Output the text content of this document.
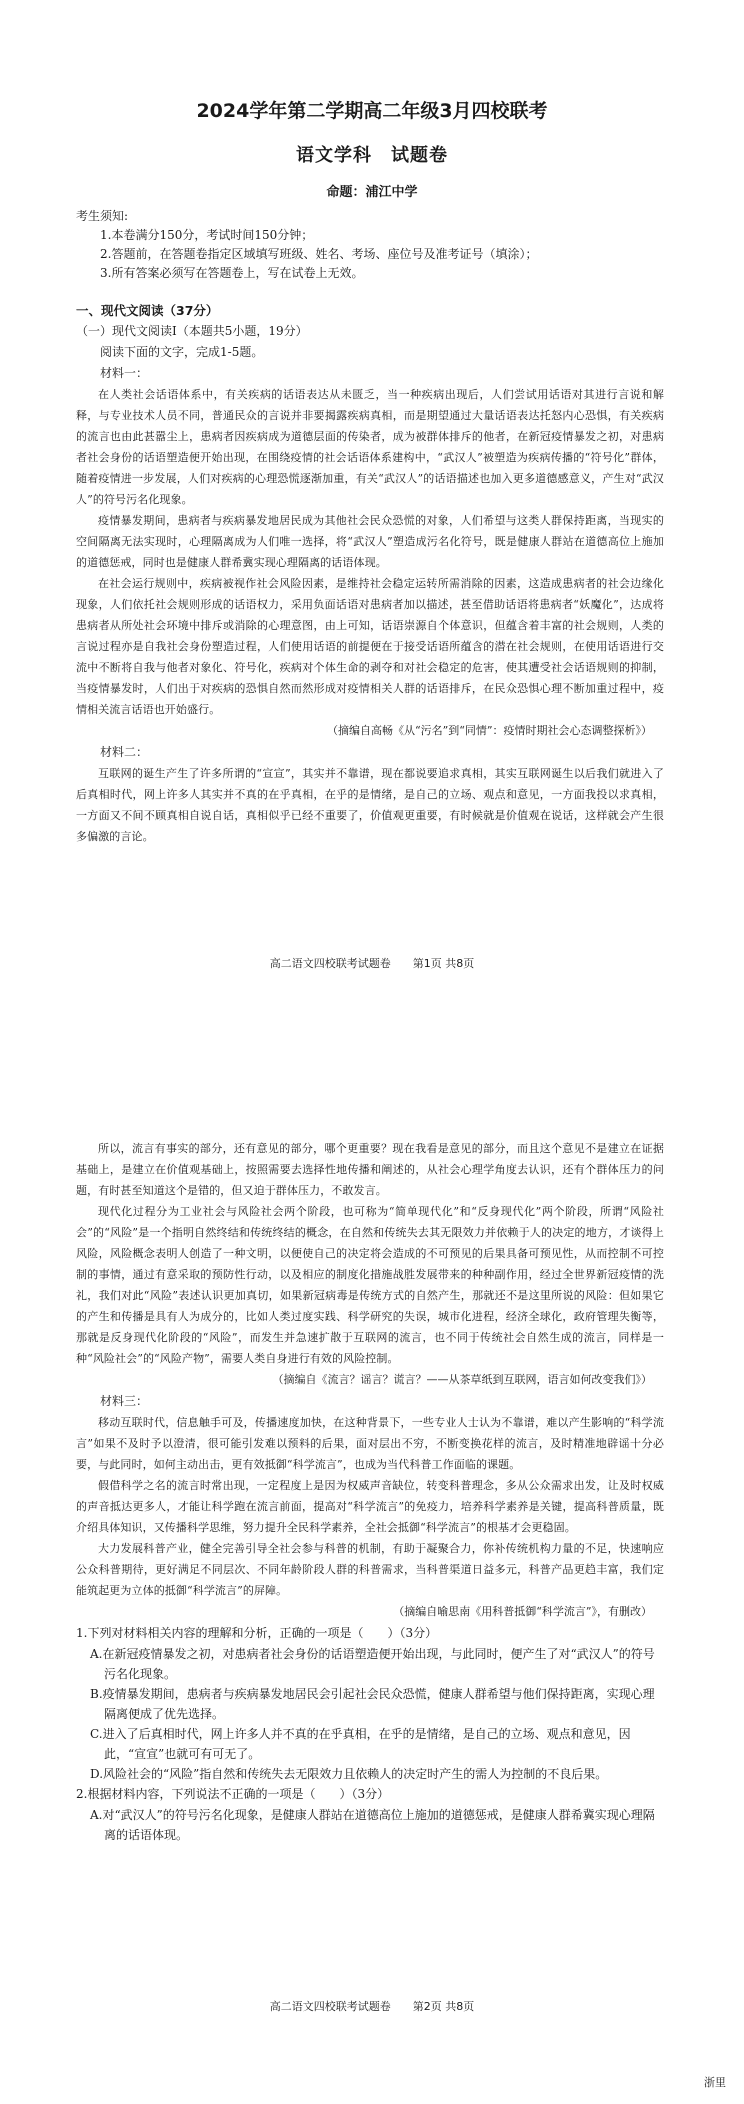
2024学年第二学期高二年级3月四校联考
语文学科　试题卷
命题：浦江中学
考生须知:
1.本卷满分150分，考试时间150分钟；
2.答题前，在答题卷指定区域填写班级、姓名、考场、座位号及准考证号（填涂）；
3.所有答案必须写在答题卷上，写在试卷上无效。
一、现代文阅读（37分）
（一）现代文阅读Ⅰ（本题共5小题，19分）
阅读下面的文字，完成1-5题。
材料一：
在人类社会话语体系中，有关疾病的话语表达从未匮乏，当一种疾病出现后，人们尝试用话语对其进行言说和解释，与专业技术人员不同，普通民众的言说并非要揭露疾病真相，而是期望通过大量话语表达托怒内心恐惧，有关疾病的流言也由此甚嚣尘上，患病者因疾病成为道德层面的传染者，成为被群体排斥的他者，在新冠疫情暴发之初，对患病者社会身份的话语塑造便开始出现，在围绕疫情的社会话语体系建构中，“武汉人”被塑造为疾病传播的“符号化”群体，随着疫情进一步发展，人们对疾病的心理恐慌逐渐加重，有关“武汉人”的话语描述也加入更多道德感意义，产生对“武汉人”的符号污名化现象。
疫情暴发期间，患病者与疾病暴发地居民成为其他社会民众恐慌的对象，人们希望与这类人群保持距离，当现实的空间隔离无法实现时，心理隔离成为人们唯一选择，将“武汉人”塑造成污名化符号，既是健康人群站在道德高位上施加的道德惩戒，同时也是健康人群希冀实现心理隔离的话语体现。
在社会运行规则中，疾病被视作社会风险因素，是维持社会稳定运转所需消除的因素，这造成患病者的社会边缘化现象，人们依托社会规则形成的话语权力，采用负面话语对患病者加以描述，甚至借助话语将患病者“妖魔化”，达成将患病者从所处社会环境中排斥或消除的心理意图，由上可知，话语崇源自个体意识，但蕴含着丰富的社会规则，人类的言说过程亦是自我社会身份塑造过程，人们使用话语的前提便在于接受话语所蕴含的潜在社会规则，在使用话语进行交流中不断将自我与他者对象化、符号化，疾病对个体生命的剥夺和对社会稳定的危害，使其遭受社会话语规则的抑制，当疫情暴发时，人们出于对疾病的恐惧自然而然形成对疫情相关人群的话语排斥，在民众恐惧心理不断加重过程中，疫情相关流言话语也开始盛行。
（摘编自高畅《从“污名”到“同情”：疫情时期社会心态调整探析》）
材料二：
互联网的诞生产生了许多所谓的“宣宣”，其实并不靠谱，现在都说要追求真相，其实互联网诞生以后我们就进入了后真相时代，网上许多人其实并不真的在乎真相，在乎的是情绪，是自己的立场、观点和意见，一方面我投以求真相，一方面又不间不顾真相自说自话，真相似乎已经不重要了，价值观更重要，有时候就是价值观在说话，这样就会产生很多偏激的言论。
高二语文四校联考试题卷　　第1页 共8页
所以，流言有事实的部分，还有意见的部分，哪个更重要？现在我看是意见的部分，而且这个意见不是建立在证据基础上，是建立在价值观基础上，按照需要去选择性地传播和阐述的，从社会心理学角度去认识，还有个群体压力的问题，有时甚至知道这个是错的，但又迫于群体压力，不敢发言。
现代化过程分为工业社会与风险社会两个阶段，也可称为“简单现代化”和“反身现代化”两个阶段，所谓“风险社会”的“风险”是一个指明自然终结和传统终结的概念，在自然和传统失去其无限效力并依赖于人的决定的地方，才谈得上风险，风险概念表明人创造了一种文明，以便使自己的决定将会造成的不可预见的后果具备可预见性，从而控制不可控制的事情，通过有意采取的预防性行动，以及相应的制度化措施战胜发展带来的种种副作用，经过全世界新冠疫情的洗礼，我们对此“风险”表述认识更加真切，如果新冠病毒是传统方式的自然产生，那就还不是这里所说的风险：但如果它的产生和传播是具有人为成分的，比如人类过度实践、科学研究的失误，城市化进程，经济全球化，政府管理失衡等，那就是反身现代化阶段的“风险”，而发生并急速扩散于互联网的流言，也不同于传统社会自然生成的流言，同样是一种“风险社会”的“风险产物”，需要人类自身进行有效的风险控制。
（摘编自《流言？谣言？谎言？——从茶草纸到互联网，语言如何改变我们》）
材料三：
移动互联时代，信息触手可及，传播速度加快，在这种背景下，一些专业人士认为不靠谱，难以产生影响的“科学流言”如果不及时予以澄清，很可能引发难以预料的后果，面对层出不穷，不断变换花样的流言，及时精准地辟谣十分必要，与此同时，如何主动出击，更有效抵御“科学流言”，也成为当代科普工作面临的课题。
假借科学之名的流言时常出现，一定程度上是因为权威声音缺位，转变科普理念，多从公众需求出发，让及时权威的声音抵达更多人，才能让科学跑在流言前面，提高对“科学流言”的免疫力，培养科学素养是关键，提高科普质量，既介绍具体知识，又传播科学思维，努力提升全民科学素养，全社会抵御“科学流言”的根基才会更稳固。
大力发展科普产业，健全完善引导全社会参与科普的机制，有助于凝聚合力，你补传统机构力量的不足，快速响应公众科普期待，更好满足不同层次、不同年龄阶段人群的科普需求，当科普渠道日益多元，科普产品更趋丰富，我们定能筑起更为立体的抵御“科学流言”的屏障。
（摘编自喻思南《用科普抵御“科学流言”》，有删改）
1.下列对材料相关内容的理解和分析，正确的一项是（　　）（3分）
A.在新冠疫情暴发之初，对患病者社会身份的话语塑造便开始出现，与此同时，便产生了对“武汉人”的符号污名化现象。
B.疫情暴发期间，患病者与疾病暴发地居民会引起社会民众恐慌，健康人群希望与他们保持距离，实现心理隔离便成了优先选择。
C.进入了后真相时代，网上许多人并不真的在乎真相，在乎的是情绪，是自己的立场、观点和意见，因此，“宣宣”也就可有可无了。
D.风险社会的“风险”指自然和传统失去无限效力且依赖人的决定时产生的需人为控制的不良后果。
2.根据材料内容，下列说法不正确的一项是（　　）（3分）
A.对“武汉人”的符号污名化现象，是健康人群站在道德高位上施加的道德惩戒，是健康人群希冀实现心理隔离的话语体现。
高二语文四校联考试题卷　　第2页 共8页
浙里
